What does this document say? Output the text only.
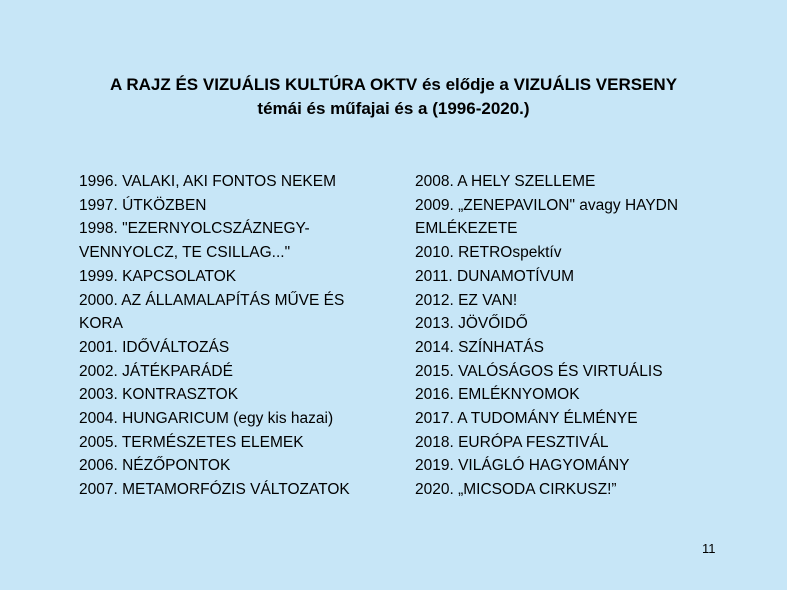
A RAJZ ÉS VIZUÁLIS KULTÚRA OKTV és elődje a VIZUÁLIS VERSENY
témái és műfajai és a (1996-2020.)
1996. VALAKI, AKI FONTOS NEKEM
1997. ÚTKÖZBEN
1998. "EZERNYOLCSZÁZNEGY-
VENNYOLCZ, TE CSILLAG..."
1999. KAPCSOLATOK
2000. AZ ÁLLAMALAPÍTÁS MŰVE ÉS
KORA
2001. IDŐVÁLTOZÁS
2002. JÁTÉKPARÁDÉ
2003. KONTRASZTOK
2004. HUNGARICUM (egy kis hazai)
2005. TERMÉSZETES ELEMEK
2006. NÉZŐPONTOK
2007. METAMORFÓZIS VÁLTOZATOK
2008. A HELY SZELLEME
2009. „ZENEPAVILON" avagy HAYDN
EMLÉKEZETE
2010. RETROspektív
2011. DUNAMOTÍVUM
2012. EZ VAN!
2013. JÖVŐIDŐ
2014. SZÍNHATÁS
2015. VALÓSÁGOS ÉS VIRTUÁLIS
2016. EMLÉKNYOMOK
2017. A TUDOMÁNY ÉLMÉNYE
2018. EURÓPA FESZTIVÁL
2019. VILÁGLÓ HAGYOMÁNY
2020. „MICSODA CIRKUSZ!”
11
